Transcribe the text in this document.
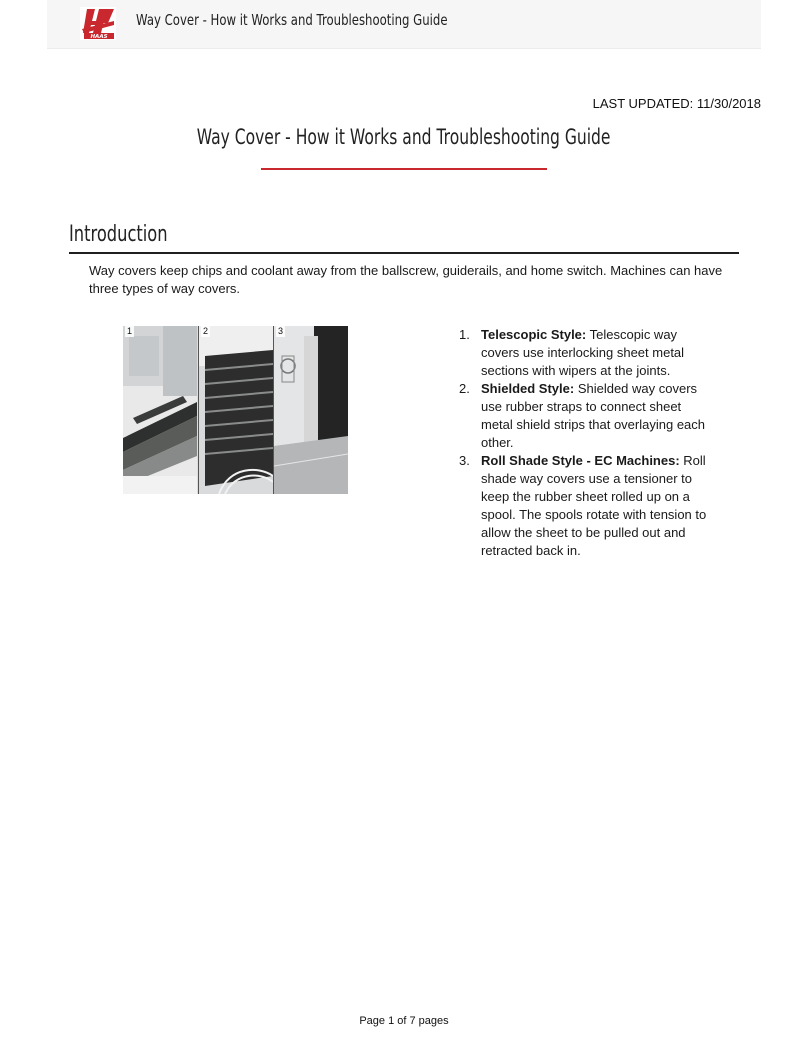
HAAS
Way Cover - How it Works and Troubleshooting Guide
LAST UPDATED: 11/30/2018
Way Cover - How it Works and Troubleshooting Guide
Introduction
Way covers keep chips and coolant away from the ballscrew, guiderails, and home switch. Machines can have three types of way covers.
1	2	3	1. Telescopic Style: Telescopic way covers use interlocking sheet metal sections with wipers at the joints.
2. Shielded Style: Shielded way covers use rubber straps to connect sheet metal shield strips that overlaying each other.
3. Roll Shade Style - EC Machines: Roll shade way covers use a tensioner to keep the rubber sheet rolled up on a spool. The spools rotate with tension to allow the sheet to be pulled out and retracted back in.
Page 1 of 7 pages
